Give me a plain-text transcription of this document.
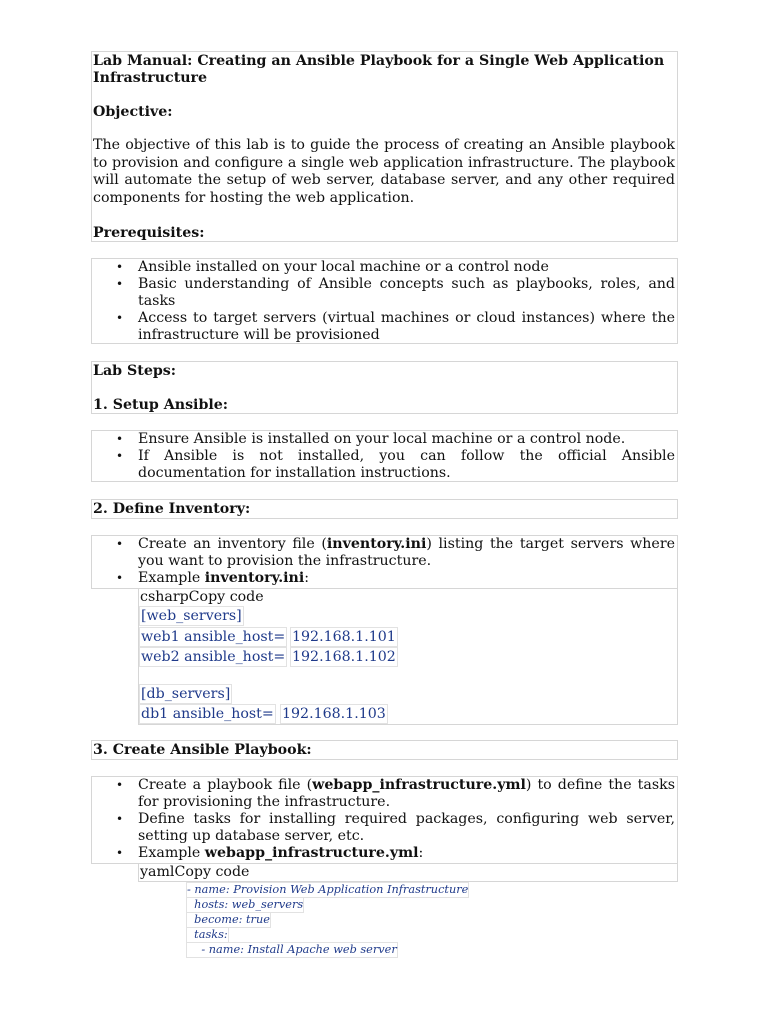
Lab Manual: Creating an Ansible Playbook for a Single Web Application
Infrastructure
Objective:
The objective of this lab is to guide the process of creating an Ansible playbook to provision and configure a single web application infrastructure. The playbook will automate the setup of web server, database server, and any other required components for hosting the web application.
Prerequisites:
• Ansible installed on your local machine or a control node
• Basic understanding of Ansible concepts such as playbooks, roles, and tasks
• Access to target servers (virtual machines or cloud instances) where the infrastructure will be provisioned
Lab Steps:
1. Setup Ansible:
• Ensure Ansible is installed on your local machine or a control node.
• If Ansible is not installed, you can follow the official Ansible documentation for installation instructions.
2. Define Inventory:
• Create an inventory file (inventory.ini) listing the target servers where you want to provision the infrastructure.
• Example inventory.ini:
csharpCopy code
[web_servers]
web1 ansible_host= 192.168.1.101
web2 ansible_host= 192.168.1.102
[db_servers]
db1 ansible_host= 192.168.1.103
3. Create Ansible Playbook:
• Create a playbook file (webapp_infrastructure.yml) to define the tasks for provisioning the infrastructure.
• Define tasks for installing required packages, configuring web server, setting up database server, etc.
• Example webapp_infrastructure.yml:
yamlCopy code
- name: Provision Web Application Infrastructure
hosts: web_servers
become: true
tasks:
- name: Install Apache web server
